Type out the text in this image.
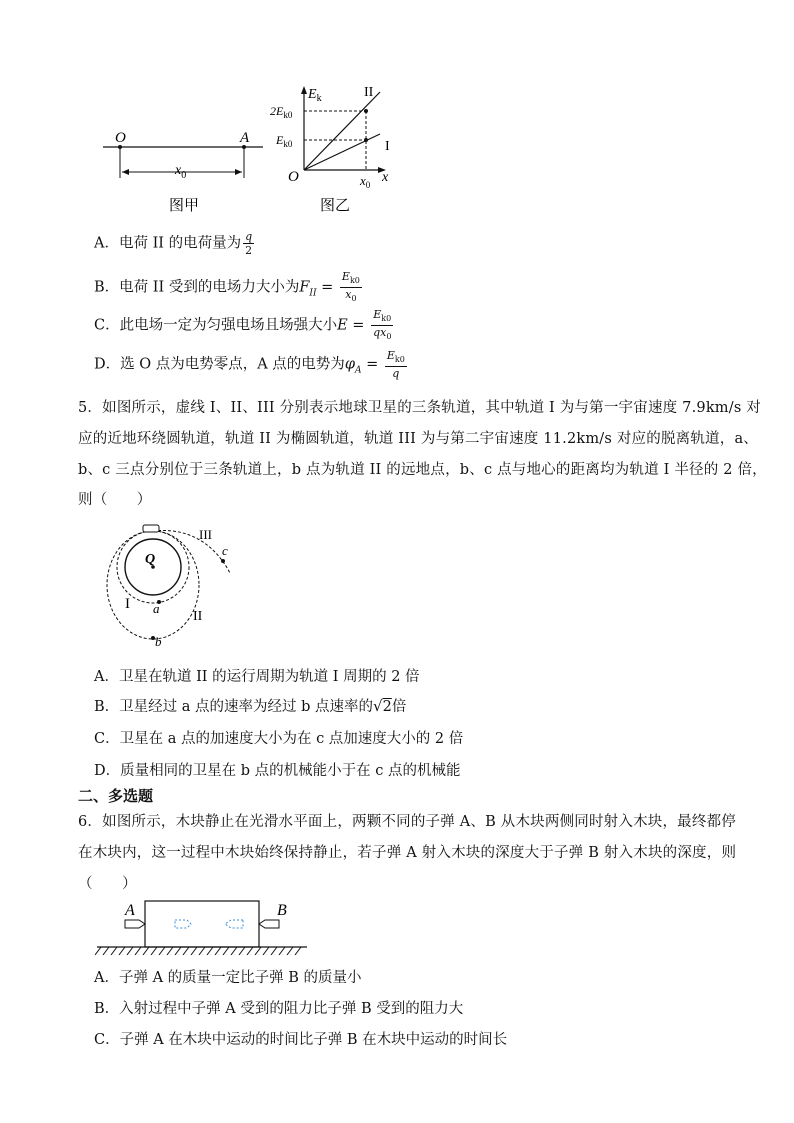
O	A
$x_0$
图甲
$E_k$
$2E_{k0}$
$E_{k0}$
O	$x_0$ x
II
I
图乙
A．电荷 II 的电荷量为 $\frac{q}{2}$
B．电荷 II 受到的电场力大小为$F_{II} = \frac{E_{k0}}{x_0}$
C．此电场一定为匀强电场且场强大小$E = \frac{E_{k0}}{qx_0}$
D．选 O 点为电势零点，A 点的电势为$\varphi_A = \frac{E_{k0}}{q}$
5．如图所示，虚线 I、II、III 分别表示地球卫星的三条轨道，其中轨道 I 为与第一宇宙速度 7.9km/s 对
应的近地环绕圆轨道，轨道 II 为椭圆轨道，轨道 III 为与第二宇宙速度 11.2km/s 对应的脱离轨道，a、
b、c 三点分别位于三条轨道上，b 点为轨道 II 的远地点，b、c 点与地心的距离均为轨道 I 半径的 2 倍，
则（　　）
Q
I
II
III
a
b
c
A．卫星在轨道 II 的运行周期为轨道 I 周期的 2 倍
B．卫星经过 a 点的速率为经过 b 点速率的√2倍
C．卫星在 a 点的加速度大小为在 c 点加速度大小的 2 倍
D．质量相同的卫星在 b 点的机械能小于在 c 点的机械能
二、多选题
6．如图所示，木块静止在光滑水平面上，两颗不同的子弹 A、B 从木块两侧同时射入木块，最终都停
在木块内，这一过程中木块始终保持静止，若子弹 A 射入木块的深度大于子弹 B 射入木块的深度，则
（　　）
A	B
A．子弹 A 的质量一定比子弹 B 的质量小
B．入射过程中子弹 A 受到的阻力比子弹 B 受到的阻力大
C．子弹 A 在木块中运动的时间比子弹 B 在木块中运动的时间长
